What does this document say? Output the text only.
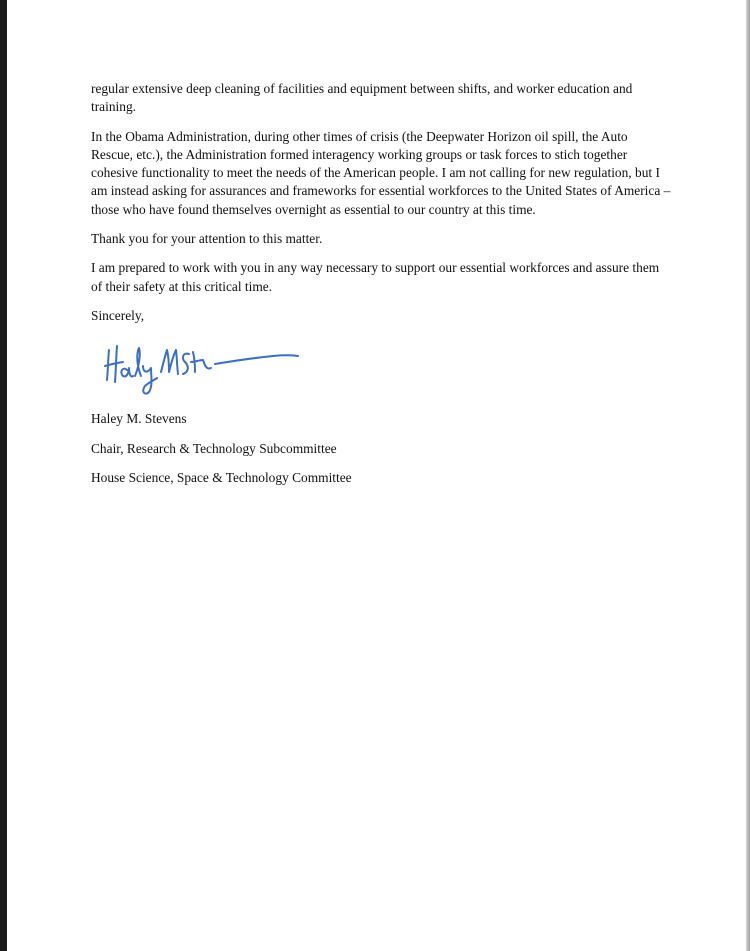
regular extensive deep cleaning of facilities and equipment between shifts, and worker education and training.

In the Obama Administration, during other times of crisis (the Deepwater Horizon oil spill, the Auto Rescue, etc.), the Administration formed interagency working groups or task forces to stich together cohesive functionality to meet the needs of the American people. I am not calling for new regulation, but I am instead asking for assurances and frameworks for essential workforces to the United States of America – those who have found themselves overnight as essential to our country at this time.

Thank you for your attention to this matter.

I am prepared to work with you in any way necessary to support our essential workforces and assure them of their safety at this critical time.

Sincerely,

Haley M. Stevens

Chair, Research & Technology Subcommittee

House Science, Space & Technology Committee
